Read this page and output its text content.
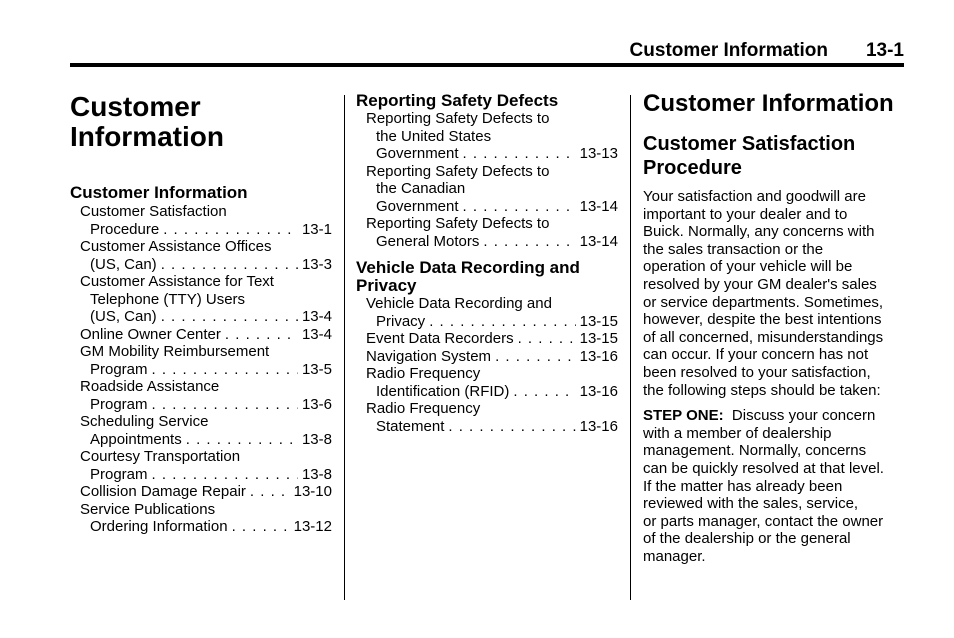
Customer Information 13-1
Customer
Information
Customer Information
Customer Satisfaction
Procedure . . .	13-1
Customer Assistance Offices
(US, Can) . . .	13-3
Customer Assistance for Text
Telephone (TTY) Users
(US, Can) . . .	13-4
Online Owner Center . . .	13-4
GM Mobility Reimbursement
Program . . .	13-5
Roadside Assistance
Program . . .	13-6
Scheduling Service
Appointments . . .	13-8
Courtesy Transportation
Program . . .	13-8
Collision Damage Repair . . .	13-10
Service Publications
Ordering Information . . .	13-12
Reporting Safety Defects
Reporting Safety Defects to
the United States
Government . . .	13-13
Reporting Safety Defects to
the Canadian
Government . . .	13-14
Reporting Safety Defects to
General Motors . . .	13-14
Vehicle Data Recording and
Privacy
Vehicle Data Recording and
Privacy . . .	13-15
Event Data Recorders . . .	13-15
Navigation System . . .	13-16
Radio Frequency
Identification (RFID) . . .	13-16
Radio Frequency
Statement . . .	13-16
Customer Information
Customer Satisfaction
Procedure
Your satisfaction and goodwill are
important to your dealer and to
Buick. Normally, any concerns with
the sales transaction or the
operation of your vehicle will be
resolved by your GM dealer's sales
or service departments. Sometimes,
however, despite the best intentions
of all concerned, misunderstandings
can occur. If your concern has not
been resolved to your satisfaction,
the following steps should be taken:
STEP ONE: Discuss your concern
with a member of dealership
management. Normally, concerns
can be quickly resolved at that level.
If the matter has already been
reviewed with the sales, service,
or parts manager, contact the owner
of the dealership or the general
manager.
